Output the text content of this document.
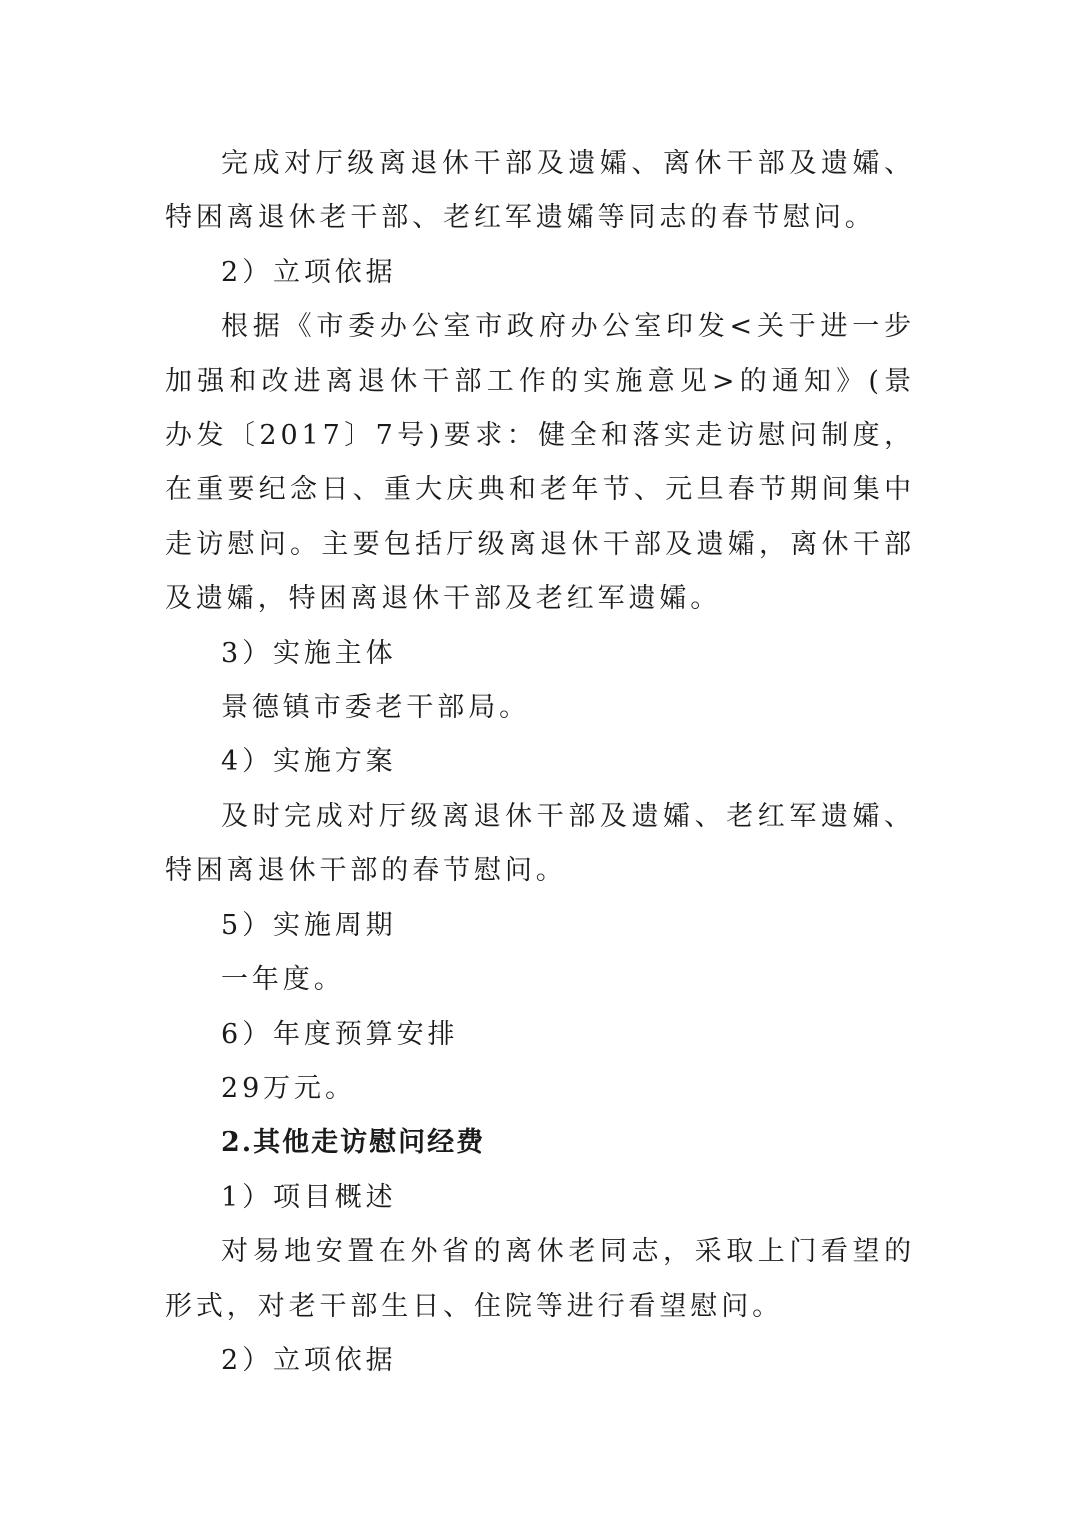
完成对厅级离退休干部及遗孀、离休干部及遗孀、特困离退休老干部、老红军遗孀等同志的春节慰问。

2）立项依据

根据《市委办公室市政府办公室印发<关于进一步加强和改进离退休干部工作的实施意见>的通知》(景办发〔2017〕7号)要求：健全和落实走访慰问制度，在重要纪念日、重大庆典和老年节、元旦春节期间集中走访慰问。主要包括厅级离退休干部及遗孀，离休干部及遗孀，特困离退休干部及老红军遗孀。

3）实施主体

景德镇市委老干部局。

4）实施方案

及时完成对厅级离退休干部及遗孀、老红军遗孀、特困离退休干部的春节慰问。

5）实施周期

一年度。

6）年度预算安排

29万元。

2.其他走访慰问经费

1）项目概述

对易地安置在外省的离休老同志，采取上门看望的形式，对老干部生日、住院等进行看望慰问。

2）立项依据
